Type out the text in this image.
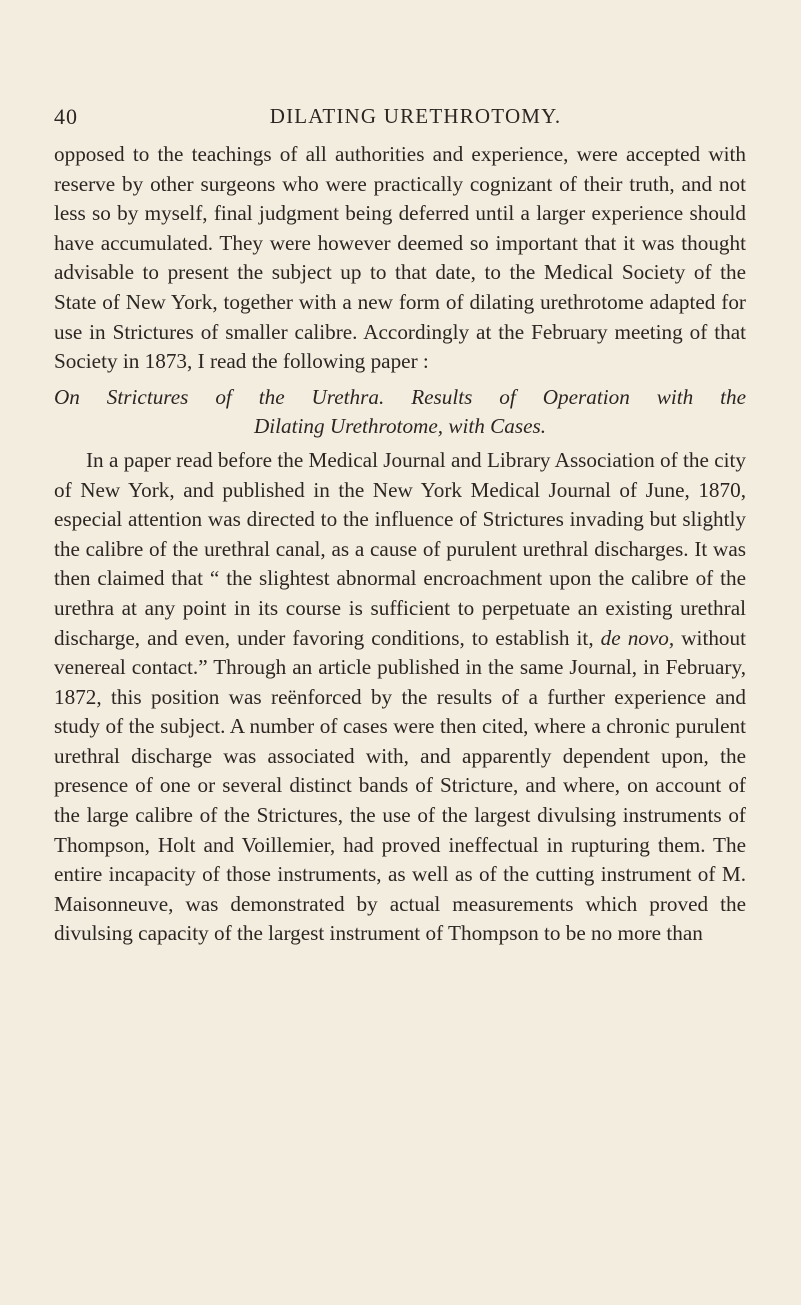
40	DILATING URETHROTOMY.

opposed to the teachings of all authorities and experience, were accepted with reserve by other surgeons who were practically cognizant of their truth, and not less so by myself, final judgment being deferred until a larger experience should have accumulated. They were however deemed so important that it was thought advisable to present the subject up to that date, to the Medical Society of the State of New York, together with a new form of dilating urethrotome adapted for use in Strictures of smaller calibre. Accordingly at the February meeting of that Society in 1873, I read the following paper :

On Strictures of the Urethra. Results of Operation with the
Dilating Urethrotome, with Cases.

In a paper read before the Medical Journal and Library Association of the city of New York, and published in the New York Medical Journal of June, 1870, especial attention was directed to the influence of Strictures invading but slightly the calibre of the urethral canal, as a cause of purulent urethral discharges. It was then claimed that “ the slightest abnormal encroachment upon the calibre of the urethra at any point in its course is sufficient to perpetuate an existing urethral discharge, and even, under favoring conditions, to establish it, de novo, without venereal contact.” Through an article published in the same Journal, in February, 1872, this position was reënforced by the results of a further experience and study of the subject. A number of cases were then cited, where a chronic purulent urethral discharge was associated with, and apparently dependent upon, the presence of one or several distinct bands of Stricture, and where, on account of the large calibre of the Strictures, the use of the largest divulsing instruments of Thompson, Holt and Voillemier, had proved ineffectual in rupturing them. The entire incapacity of those instruments, as well as of the cutting instrument of M. Maisonneuve, was demonstrated by actual measurements which proved the divulsing capacity of the largest instrument of Thompson to be no more than
